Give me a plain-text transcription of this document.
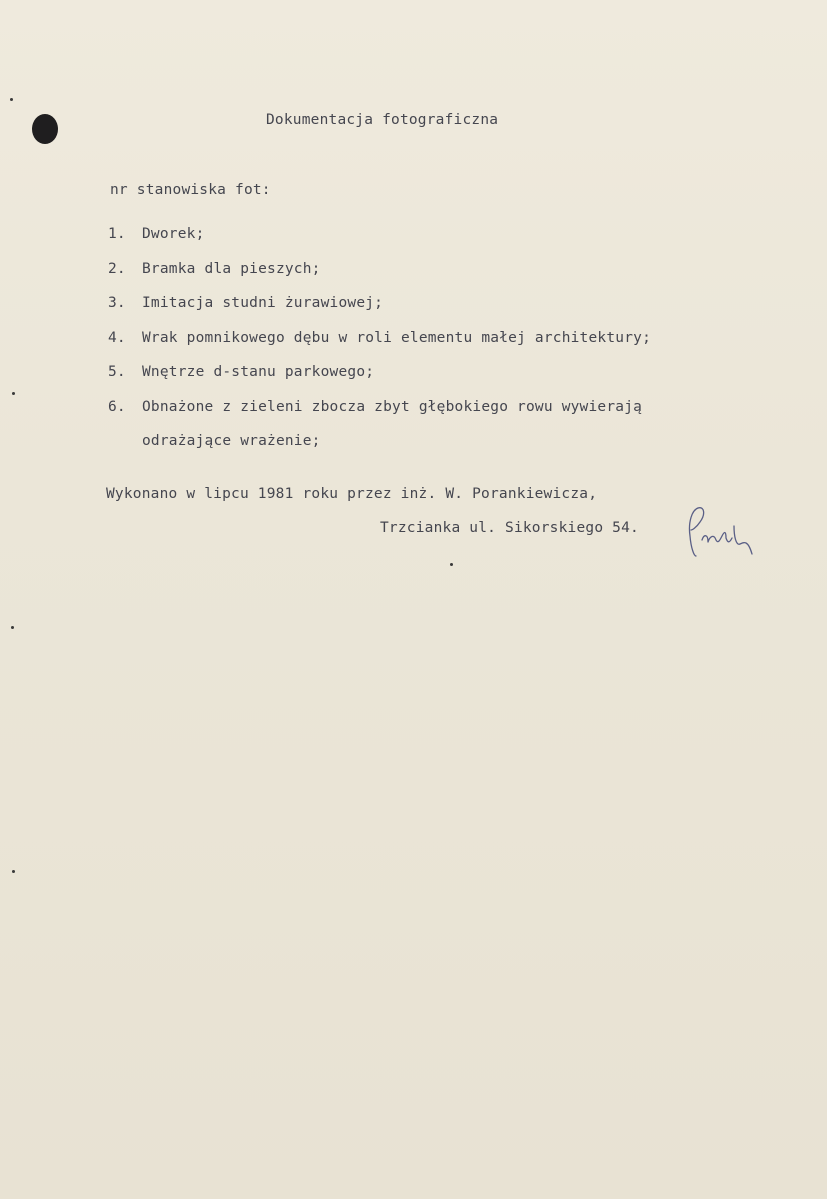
Dokumentacja fotograficzna
nr stanowiska fot:
1.	Dworek;
2.	Bramka dla pieszych;
3.	Imitacja studni żurawiowej;
4.	Wrak pomnikowego dębu w roli elementu małej architektury;
5.	Wnętrze d-stanu parkowego;
6.	Obnażone z zieleni zbocza zbyt głębokiego rowu wywierają
odrażające wrażenie;
Wykonano w lipcu 1981 roku przez inż. W. Porankiewicza,
Trzcianka ul. Sikorskiego 54.
